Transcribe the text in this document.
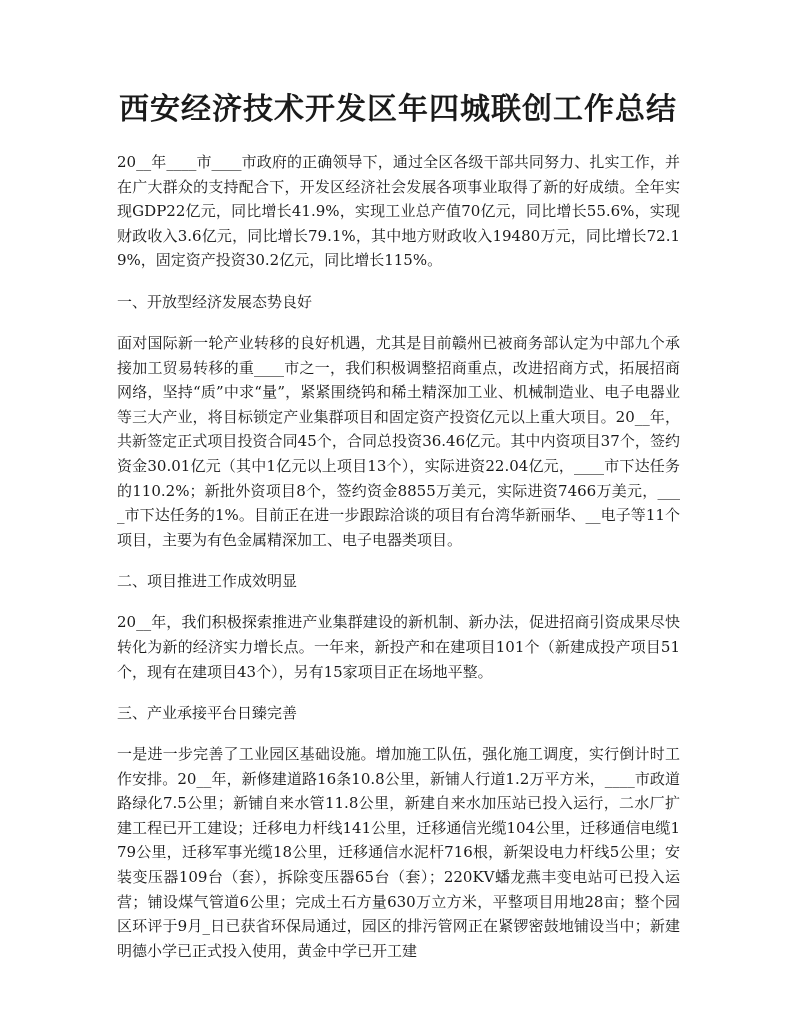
西安经济技术开发区年四城联创工作总结

20__年____市____市政府的正确领导下，通过全区各级干部共同努力、扎实工作，并在广大群众的支持配合下，开发区经济社会发展各项事业取得了新的好成绩。全年实现GDP22亿元，同比增长41.9%，实现工业总产值70亿元，同比增长55.6%，实现财政收入3.6亿元，同比增长79.1%，其中地方财政收入19480万元，同比增长72.19%，固定资产投资30.2亿元，同比增长115%。

一、开放型经济发展态势良好

面对国际新一轮产业转移的良好机遇，尤其是目前赣州已被商务部认定为中部九个承接加工贸易转移的重____市之一，我们积极调整招商重点，改进招商方式，拓展招商网络，坚持“质”中求“量”，紧紧围绕钨和稀土精深加工业、机械制造业、电子电器业等三大产业，将目标锁定产业集群项目和固定资产投资亿元以上重大项目。20__年，共新签定正式项目投资合同45个，合同总投资36.46亿元。其中内资项目37个，签约资金30.01亿元（其中1亿元以上项目13个），实际进资22.04亿元，____市下达任务的110.2%；新批外资项目8个，签约资金8855万美元，实际进资7466万美元，____市下达任务的1%。目前正在进一步跟踪洽谈的项目有台湾华新丽华、__电子等11个项目，主要为有色金属精深加工、电子电器类项目。

二、项目推进工作成效明显

20__年，我们积极探索推进产业集群建设的新机制、新办法，促进招商引资成果尽快转化为新的经济实力增长点。一年来，新投产和在建项目101个（新建成投产项目51个，现有在建项目43个），另有15家项目正在场地平整。

三、产业承接平台日臻完善

一是进一步完善了工业园区基础设施。增加施工队伍，强化施工调度，实行倒计时工作安排。20__年，新修建道路16条10.8公里，新铺人行道1.2万平方米，____市政道路绿化7.5公里；新铺自来水管11.8公里，新建自来水加压站已投入运行，二水厂扩建工程已开工建设；迁移电力杆线141公里，迁移通信光缆104公里，迁移通信电缆179公里，迁移军事光缆18公里，迁移通信水泥杆716根，新架设电力杆线5公里；安装变压器109台（套），拆除变压器65台（套）；220KV蟠龙燕丰变电站可已投入运营；铺设煤气管道6公里；完成土石方量630万立方米，平整项目用地28亩；整个园区环评于9月_日已获省环保局通过，园区的排污管网正在紧锣密鼓地铺设当中；新建明德小学已正式投入使用，黄金中学已开工建
